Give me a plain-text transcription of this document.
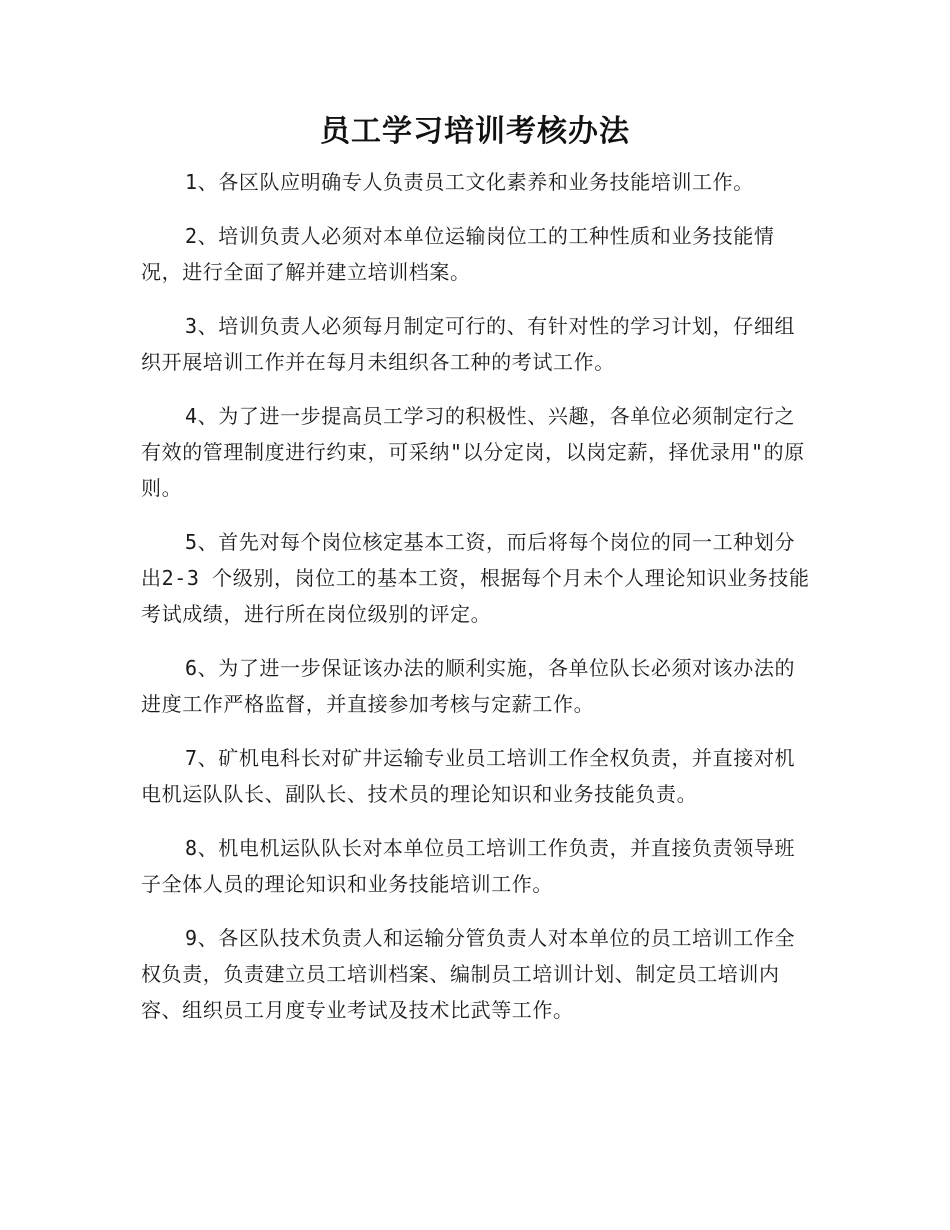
员工学习培训考核办法

1、各区队应明确专人负责员工文化素养和业务技能培训工作。

2、培训负责人必须对本单位运输岗位工的工种性质和业务技能情况，进行全面了解并建立培训档案。

3、培训负责人必须每月制定可行的、有针对性的学习计划，仔细组织开展培训工作并在每月未组织各工种的考试工作。

4、为了进一步提高员工学习的积极性、兴趣，各单位必须制定行之有效的管理制度进行约束，可采纳"以分定岗，以岗定薪，择优录用"的原则。

5、首先对每个岗位核定基本工资，而后将每个岗位的同一工种划分出2-3 个级别，岗位工的基本工资，根据每个月未个人理论知识业务技能考试成绩，进行所在岗位级别的评定。

6、为了进一步保证该办法的顺利实施，各单位队长必须对该办法的进度工作严格监督，并直接参加考核与定薪工作。

7、矿机电科长对矿井运输专业员工培训工作全权负责，并直接对机电机运队队长、副队长、技术员的理论知识和业务技能负责。

8、机电机运队队长对本单位员工培训工作负责，并直接负责领导班子全体人员的理论知识和业务技能培训工作。

9、各区队技术负责人和运输分管负责人对本单位的员工培训工作全权负责，负责建立员工培训档案、编制员工培训计划、制定员工培训内容、组织员工月度专业考试及技术比武等工作。
